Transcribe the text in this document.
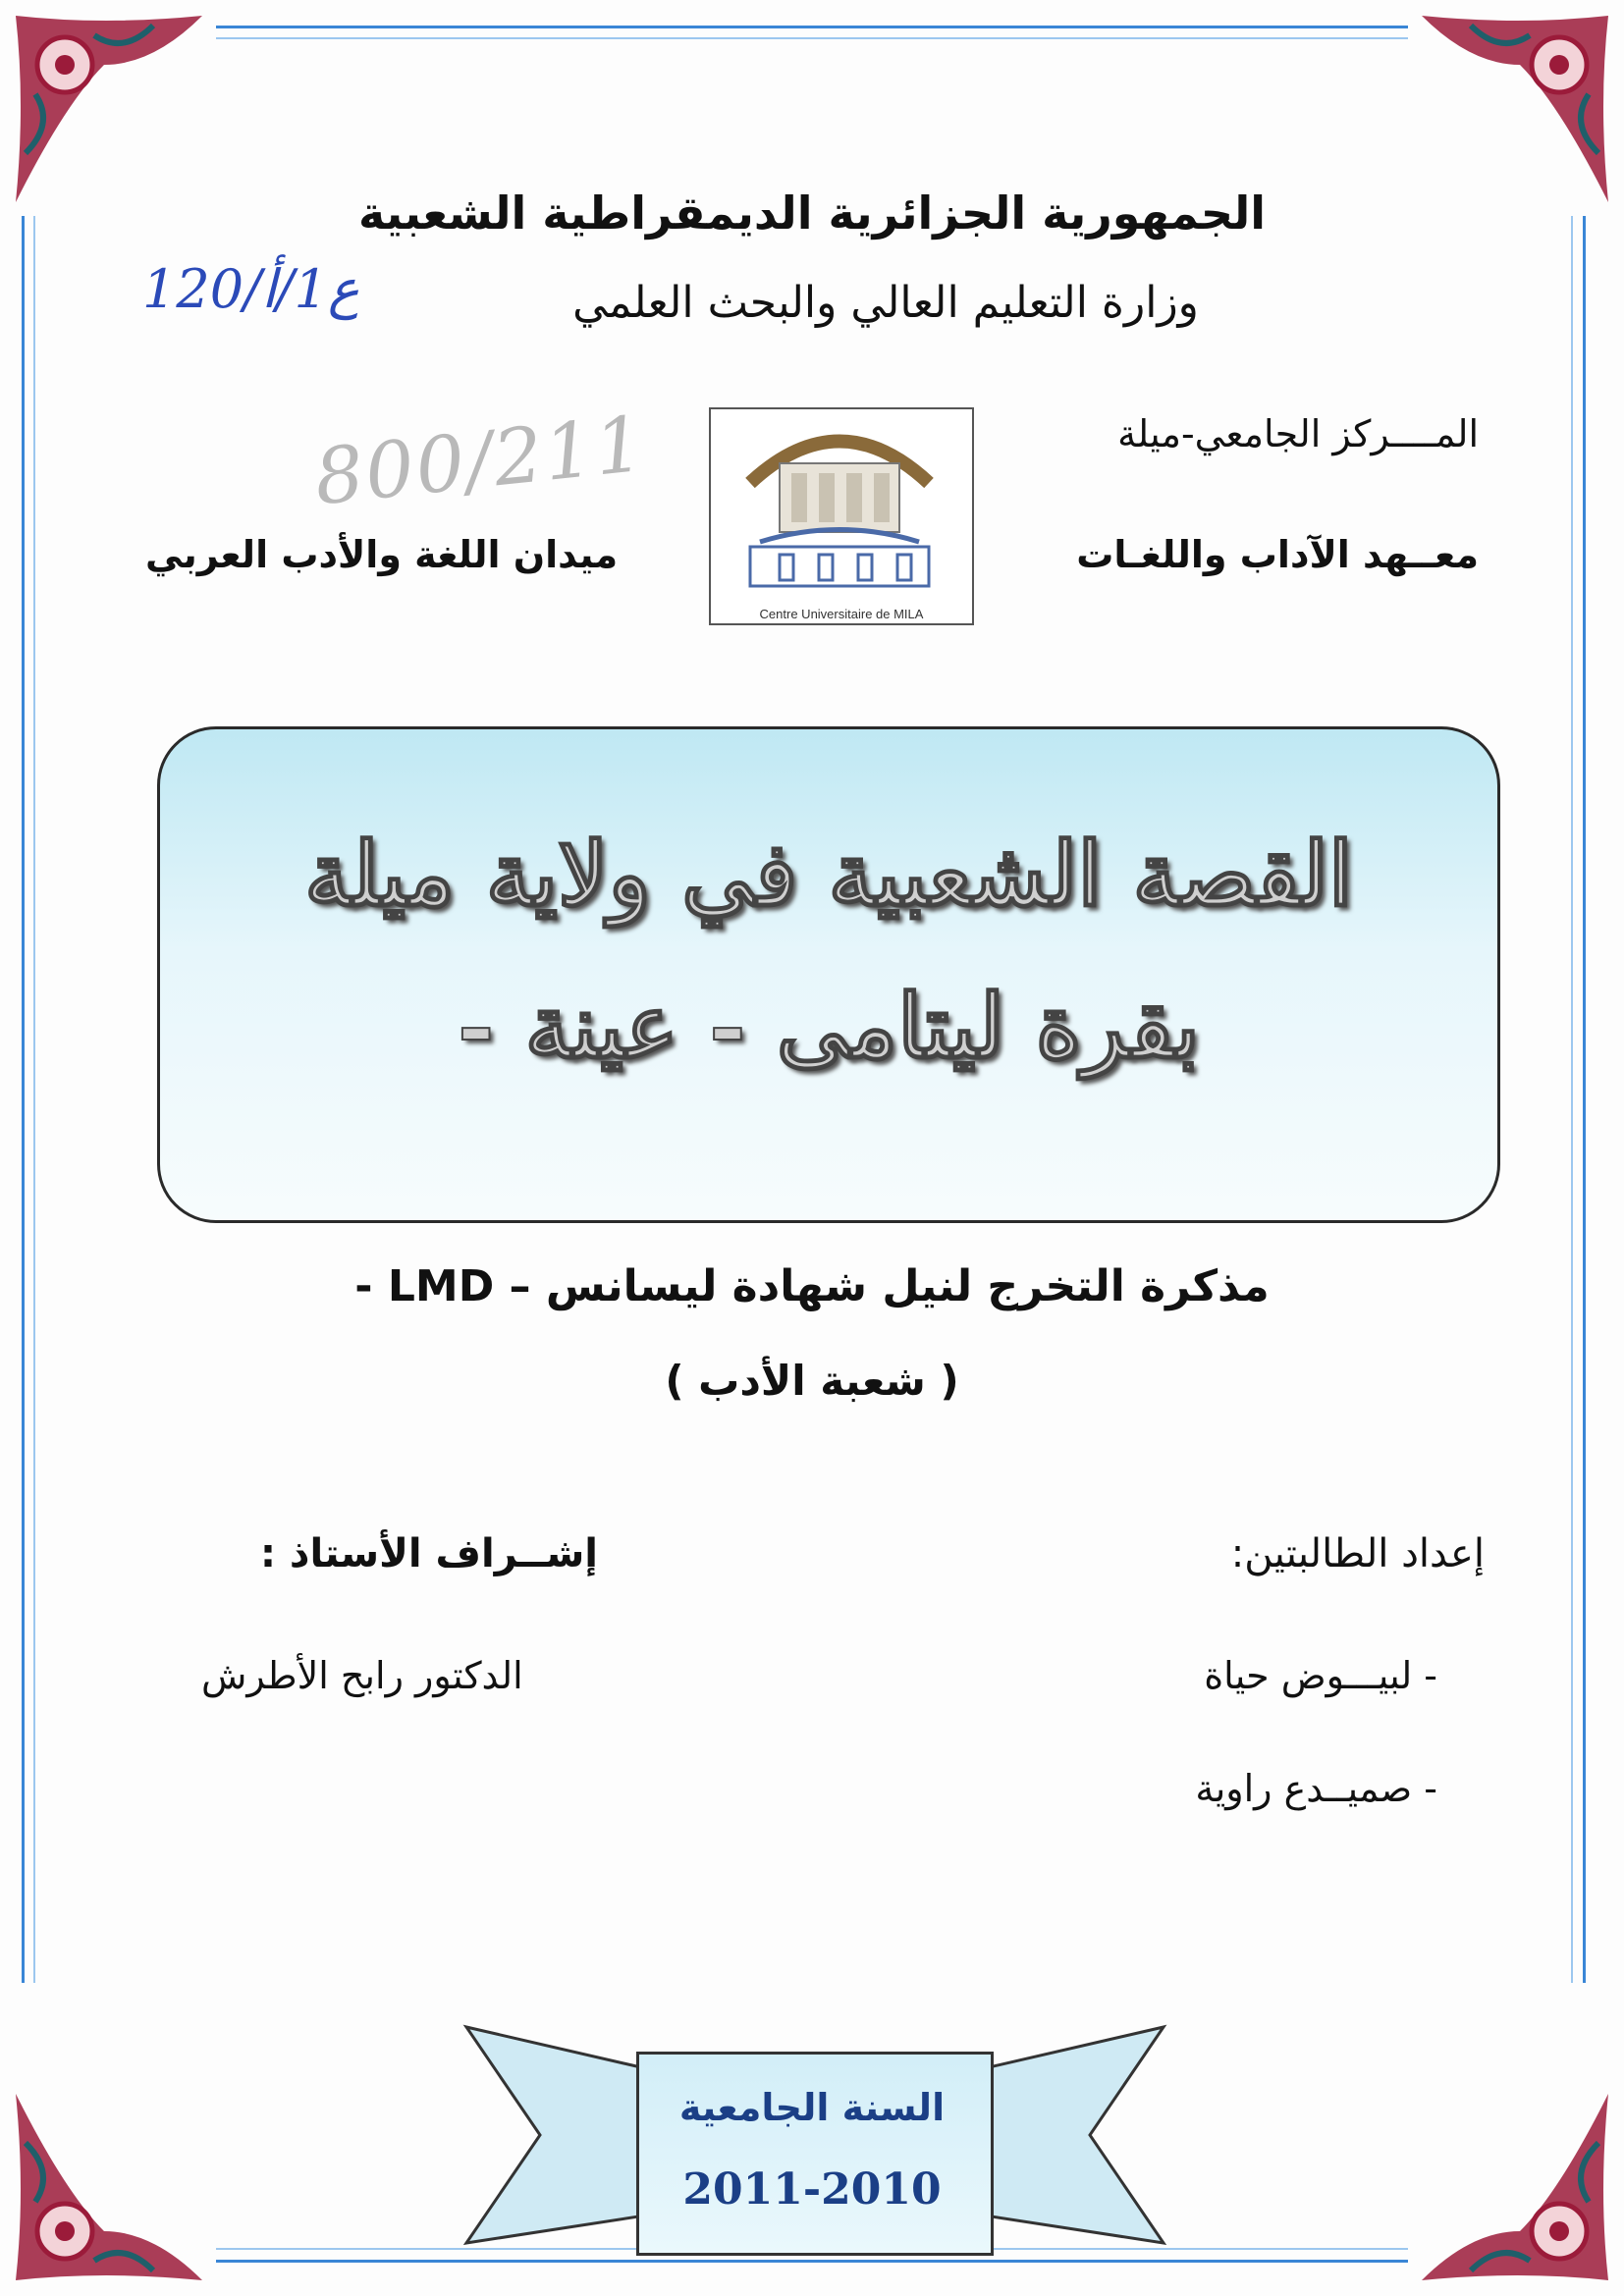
الجمهورية الجزائرية الديمقراطية الشعبية
وزارة التعليم العالي والبحث العلمي
120/ع1/أ
800/211	المــــركز الجامعي-ميلة
معــهد الآداب واللغـات
ميدان اللغة والأدب العربي
Centre Universitaire de MILA
القصة الشعبية في ولاية ميلة
بقرة ليتامى - عينة -
مذكرة التخرج لنيل شهادة ليسانس – LMD -
( شعبة الأدب )
إعداد الطالبتين:
إشــراف الأستاذ :
الدكتور رابح الأطرش	- لبيـــوض حياة
- صميــدع راوية
السنة الجامعية
2011-2010
